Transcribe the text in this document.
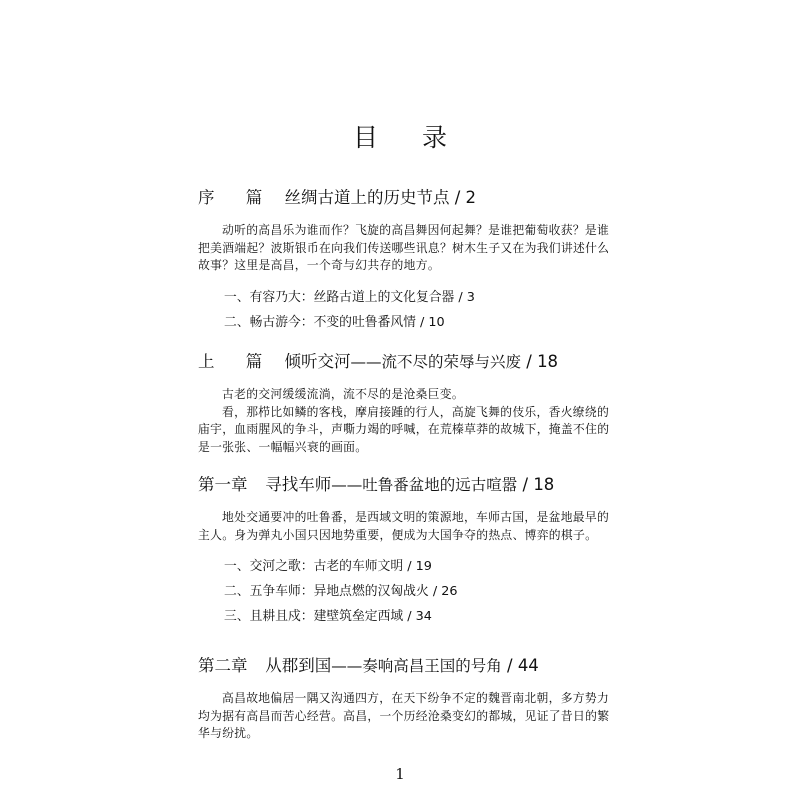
目 录
序 篇 丝绸古道上的历史节点 / 2

动听的高昌乐为谁而作？飞旋的高昌舞因何起舞？是谁把葡萄收获？是谁把美酒端起？波斯银币在向我们传送哪些讯息？树木生子又在为我们讲述什么故事？这里是高昌，一个奇与幻共存的地方。

一、有容乃大：丝路古道上的文化复合器 / 3
二、畅古游今：不变的吐鲁番风情 / 10
上 篇 倾听交河——流不尽的荣辱与兴废 / 18

古老的交河缓缓流淌，流不尽的是沧桑巨变。

看，那栉比如鳞的客栈，摩肩接踵的行人，高旋飞舞的伎乐，香火缭绕的庙宇，血雨腥风的争斗，声嘶力竭的呼喊，在荒榛草莽的故城下，掩盖不住的是一张张、一幅幅兴衰的画面。

第一章 寻找车师——吐鲁番盆地的远古喧嚣 / 18

地处交通要冲的吐鲁番，是西域文明的策源地，车师古国，是盆地最早的主人。身为弹丸小国只因地势重要，便成为大国争夺的热点、博弈的棋子。

一、交河之歌：古老的车师文明 / 19
二、五争车师：异地点燃的汉匈战火 / 26
三、且耕且戍：建壁筑垒定西域 / 34
第二章 从郡到国——奏响高昌王国的号角 / 44

高昌故地偏居一隅又沟通四方，在天下纷争不定的魏晋南北朝，多方势力均为据有高昌而苦心经营。高昌，一个历经沧桑变幻的都城，见证了昔日的繁华与纷扰。

1
